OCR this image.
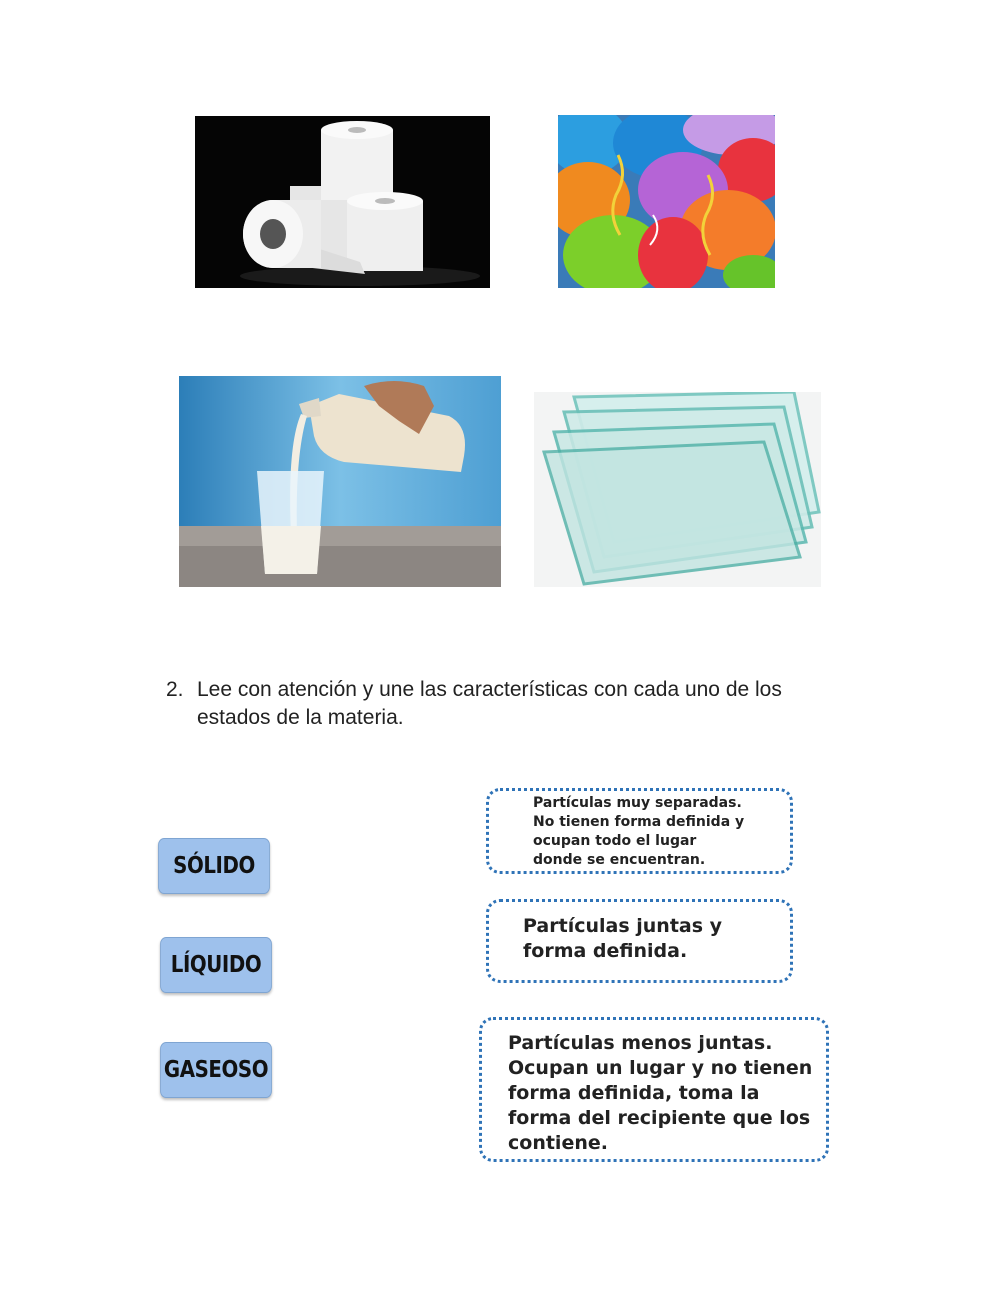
2. Lee con atención y une las características con cada uno de los estados de la materia.
SÓLIDO
LÍQUIDO
GASEOSO
Partículas muy separadas.
No tienen forma definida y
ocupan todo el lugar
donde se encuentran.
Partículas juntas y
forma definida.
Partículas menos juntas.
Ocupan un lugar y no tienen
forma definida, toma la
forma del recipiente que los
contiene.
